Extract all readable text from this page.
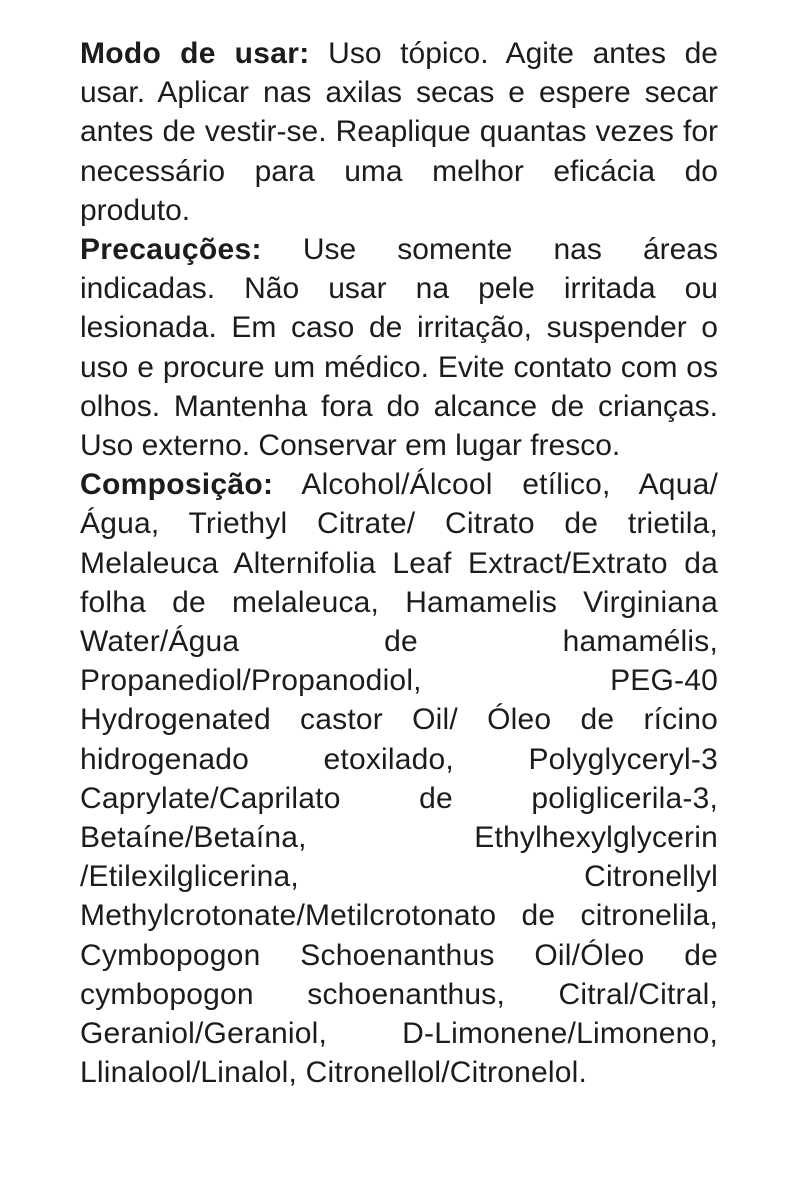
Modo de usar: Uso tópico. Agite antes de usar. Aplicar nas axilas secas e espere secar antes de vestir-se. Reaplique quantas vezes for necessário para uma melhor eficácia do produto.

Precauções: Use somente nas áreas indicadas. Não usar na pele irritada ou lesionada. Em caso de irritação, suspender o uso e procure um médico. Evite contato com os olhos. Mantenha fora do alcance de crianças. Uso externo. Conservar em lugar fresco.

Composição: Alcohol/Álcool etílico, Aqua/Água, Triethyl Citrate/ Citrato de trietila, Melaleuca Alternifolia Leaf Extract/Extrato da folha de melaleuca, Hamamelis Virginiana Water/Água de hamamélis, Propanediol/Propanodiol, PEG-40 Hydrogenated castor Oil/ Óleo de rícino hidrogenado etoxilado, Polyglyceryl-3 Caprylate/Caprilato de poliglicerila-3, Betaíne/Betaína, Ethylhexylglycerin /Etilexilglicerina, Citronellyl Methylcrotonate/Metilcrotonato de citronelila, Cymbopogon Schoenanthus Oil/Óleo de cymbopogon schoenanthus, Citral/Citral, Geraniol/Geraniol, D-Limonene/Limoneno, Llinalool/Linalol, Citronellol/Citronelol.
